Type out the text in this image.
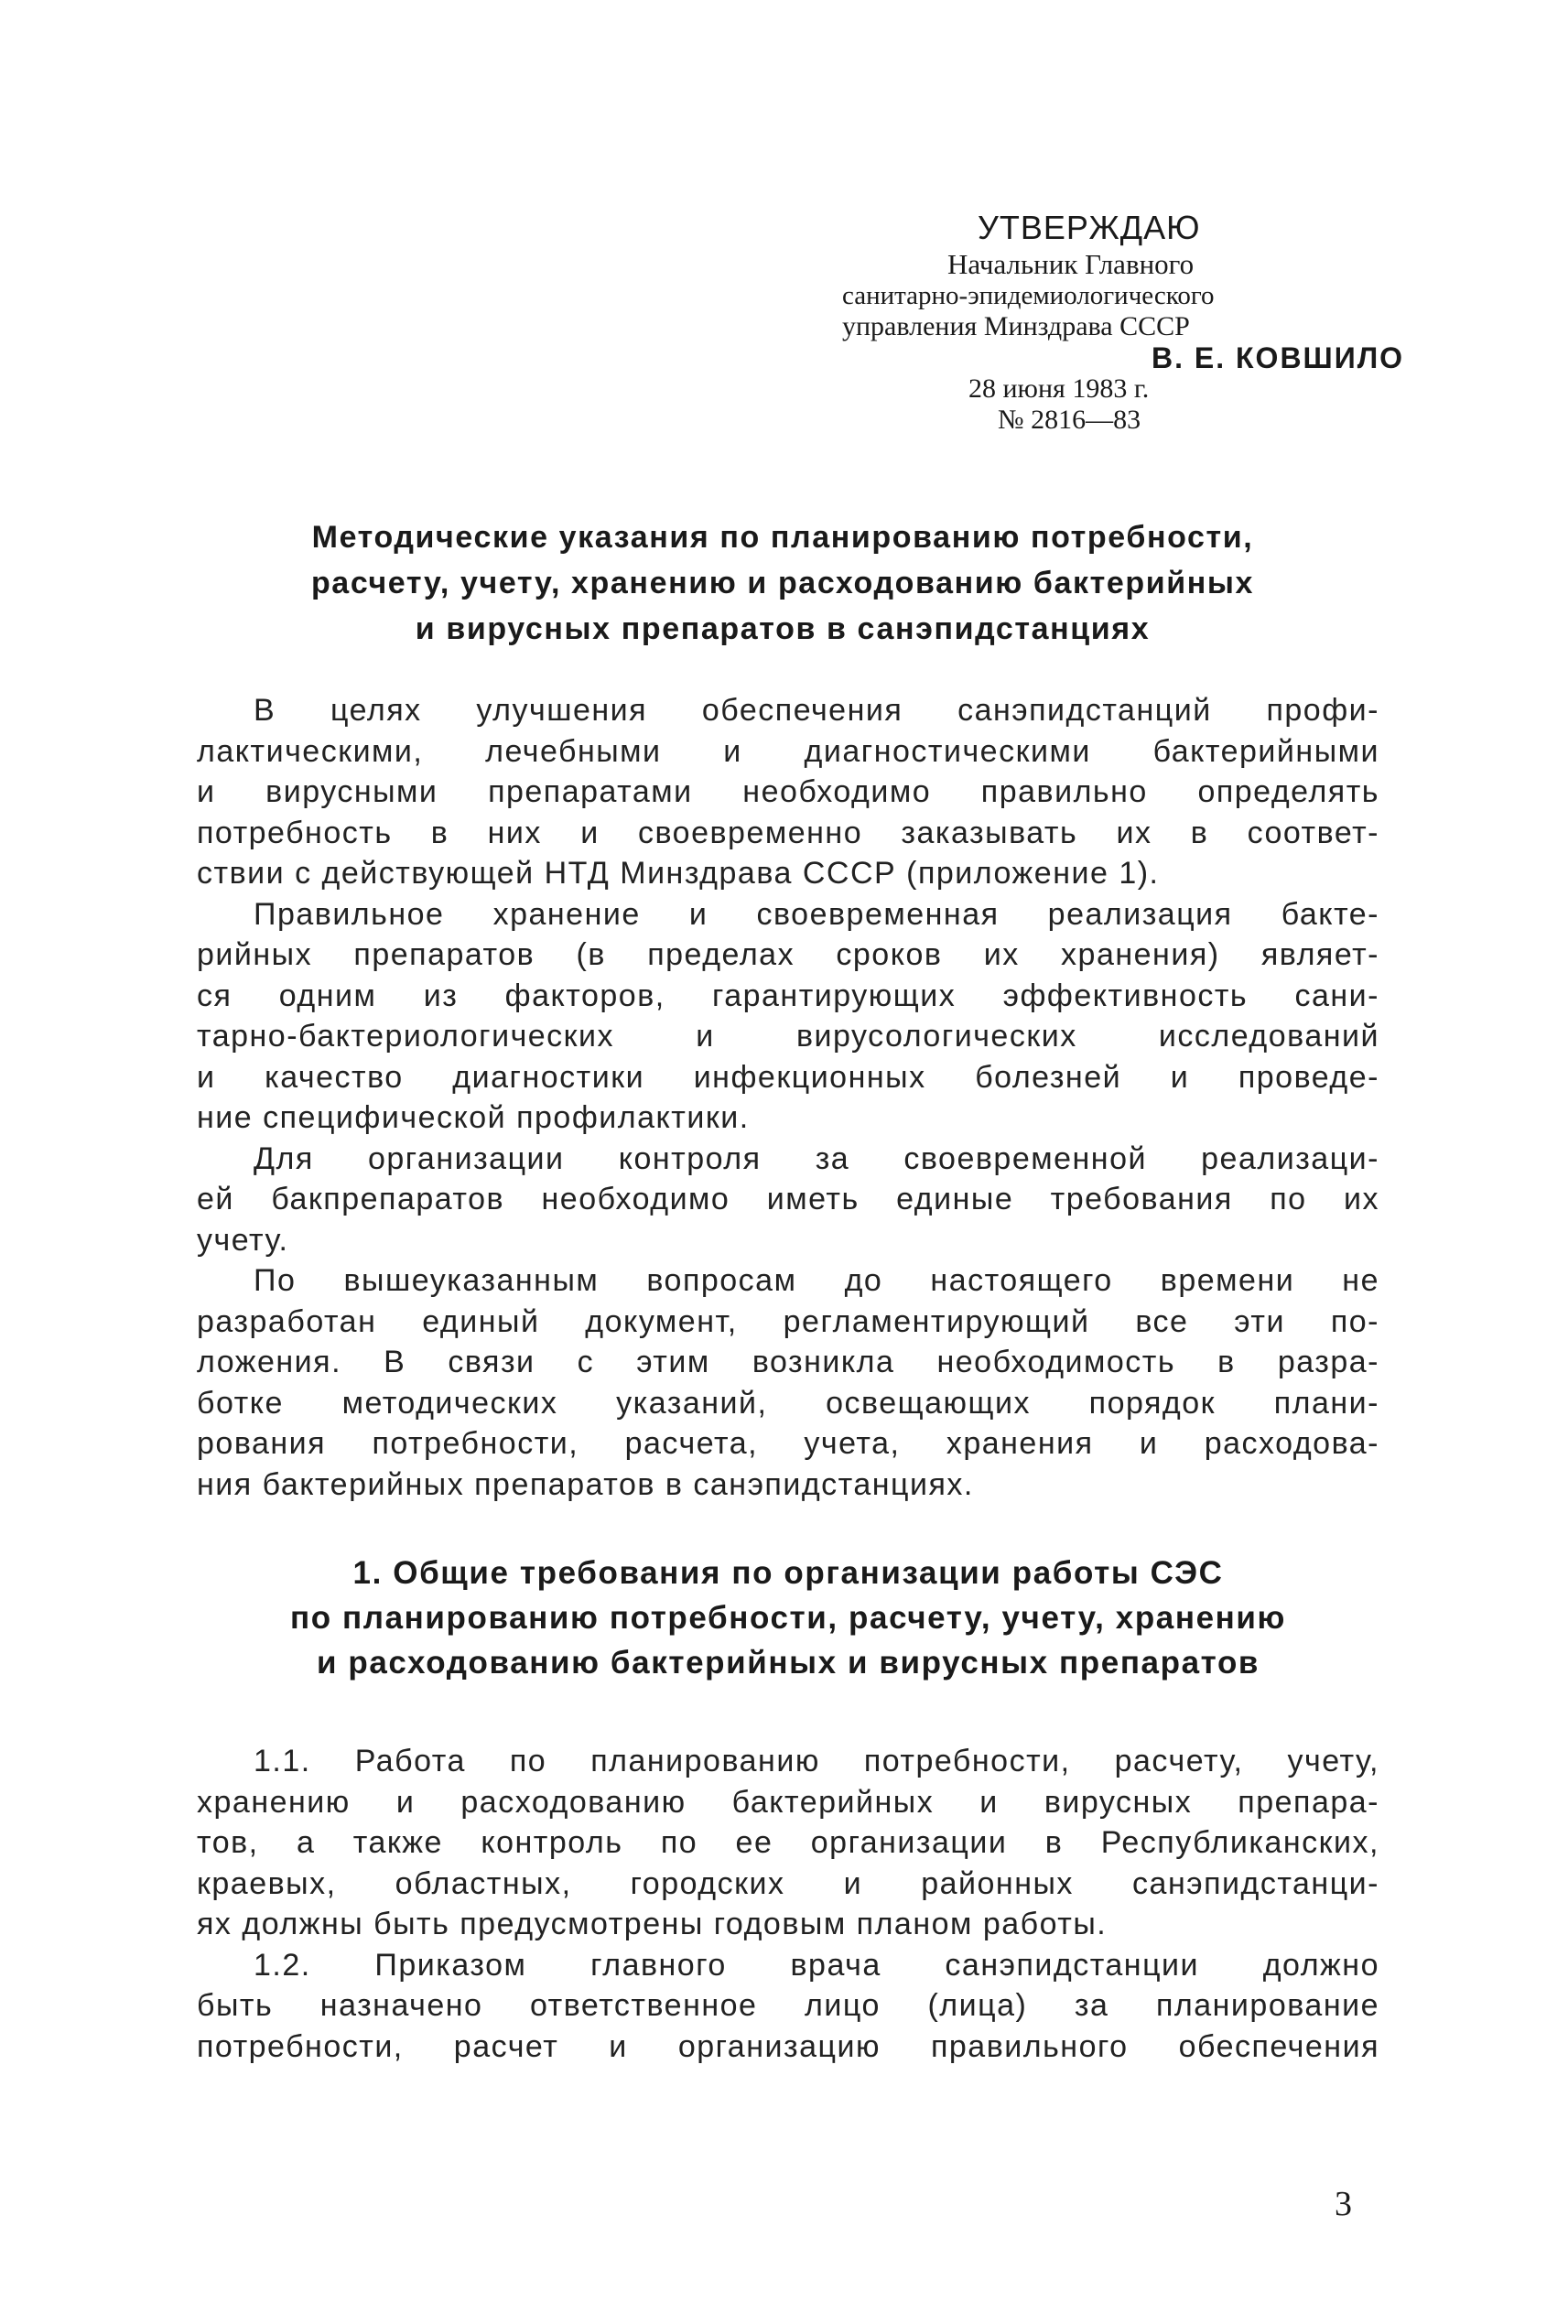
УТВЕРЖДАЮ
Начальник Главного
санитарно-эпидемиологического
управления Минздрава СССР
В. Е. КОВШИЛО
28 июня 1983 г.
№ 2816—83
Методические указания по планированию потребности,
расчету, учету, хранению и расходованию бактерийных
и вирусных препаратов в санэпидстанциях
В целях улучшения обеспечения санэпидстанций профи-
лактическими, лечебными и диагностическими бактерийными
и вирусными препаратами необходимо правильно определять
потребность в них и своевременно заказывать их в соответ-
ствии с действующей НТД Минздрава СССР (приложение 1).
Правильное хранение и своевременная реализация бакте-
рийных препаратов (в пределах сроков их хранения) являет-
ся одним из факторов, гарантирующих эффективность сани-
тарно-бактериологических и вирусологических исследований
и качество диагностики инфекционных болезней и проведе-
ние специфической профилактики.
Для организации контроля за своевременной реализаци-
ей бакпрепаратов необходимо иметь единые требования по их
учету.
По вышеуказанным вопросам до настоящего времени не
разработан единый документ, регламентирующий все эти по-
ложения. В связи с этим возникла необходимость в разра-
ботке методических указаний, освещающих порядок плани-
рования потребности, расчета, учета, хранения и расходова-
ния бактерийных препаратов в санэпидстанциях.
1. Общие требования по организации работы СЭС
по планированию потребности, расчету, учету, хранению
и расходованию бактерийных и вирусных препаратов
1.1. Работа по планированию потребности, расчету, учету,
хранению и расходованию бактерийных и вирусных препара-
тов, а также контроль по ее организации в Республиканских,
краевых, областных, городских и районных санэпидстанци-
ях должны быть предусмотрены годовым планом работы.
1.2. Приказом главного врача санэпидстанции должно
быть назначено ответственное лицо (лица) за планирование
потребности, расчет и организацию правильного обеспечения
3
